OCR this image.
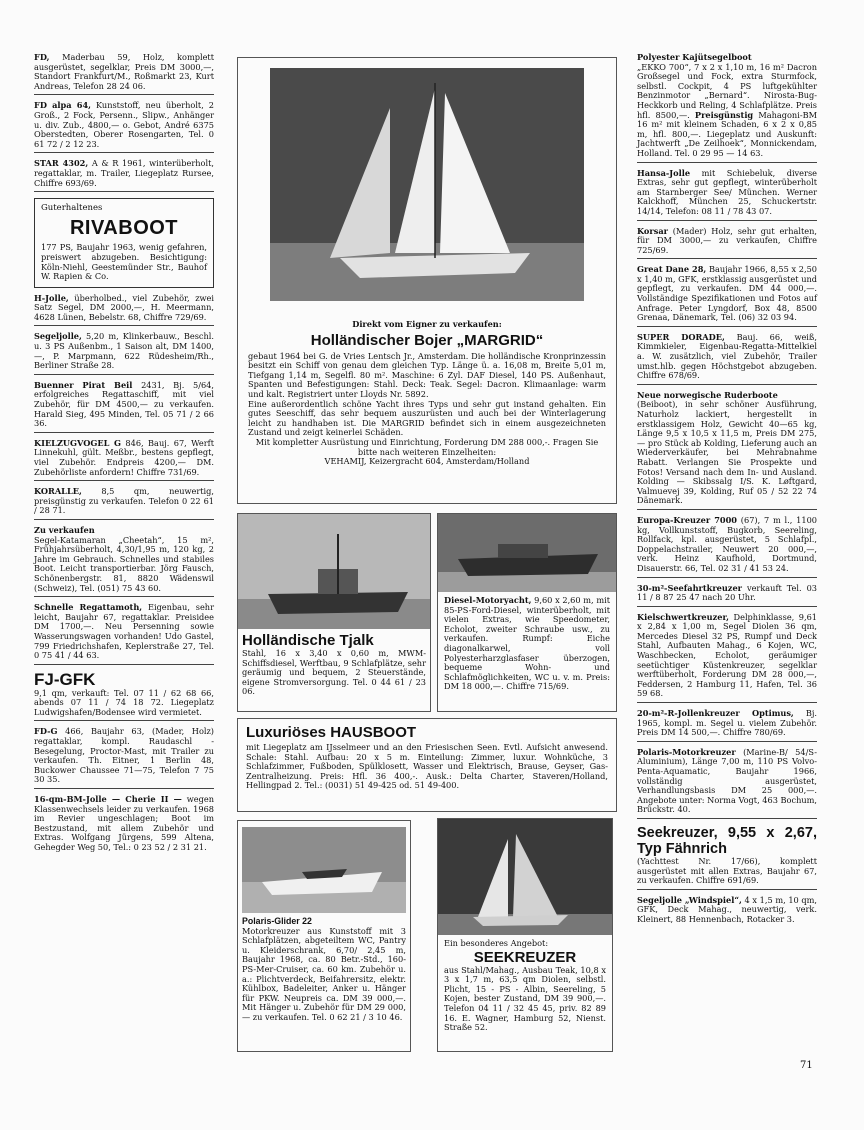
FD, Maderbau 59, Holz, komplett ausgerüstet, segelklar, Preis DM 3000,—, Standort Frankfurt/M., Roßmarkt 23, Kurt Andreas, Telefon 28 24 06.
FD alpa 64, Kunststoff, neu überholt, 2 Groß., 2 Fock, Persenn., Slipw., Anhänger u. div. Zub., 4800,— o. Gebot, André 6375 Oberstedten, Oberer Rosengarten, Tel. 0 61 72 / 2 12 23.
STAR 4302, A & R 1961, winterüberholt, regattaklar, m. Trailer, Liegeplatz Rursee, Chiffre 693/69.
Guterhaltenes
RIVABOOT
177 PS, Baujahr 1963, wenig gefahren, preiswert abzugeben. Besichtigung: Köln-Niehl, Geestemünder Str., Bauhof W. Rapien & Co.
H-Jolle, überholbed., viel Zubehör, zwei Satz Segel, DM 2000,—, H. Meermann, 4628 Lünen, Bebelstr. 68, Chiffre 729/69.
Segeljolle, 5,20 m, Klinkerbauw., Beschl. u. 3 PS Außenbm., 1 Saison alt, DM 1400,—, P. Marpmann, 622 Rüdesheim/Rh., Berliner Straße 28.
Buenner Pirat Beil 2431, Bj. 5/64, erfolgreiches Regattaschiff, mit viel Zubehör, für DM 4500,— zu verkaufen. Harald Sieg, 495 Minden, Tel. 05 71 / 2 66 36.
KIELZUGVOGEL G 846, Bauj. 67, Werft Linnekuhl, gült. Meßbr., bestens gepflegt, viel Zubehör. Endpreis 4200,— DM. Zubehörliste anfordern! Chiffre 731/69.
KORALLE, 8,5 qm, neuwertig, preisgünstig zu verkaufen. Telefon 0 22 61 / 28 71.
Zu verkaufen
Segel-Katamaran „Cheetah“, 15 m², Frühjahrsüberholt, 4,30/1,95 m, 120 kg, 2 Jahre im Gebrauch. Schnelles und stabiles Boot. Leicht transportierbar. Jörg Fausch, Schönenbergstr. 81, 8820 Wädenswil (Schweiz), Tel. (051) 75 43 60.
Schnelle Regattamoth, Eigenbau, sehr leicht, Baujahr 67, regattaklar. Preisidee DM 1700,—. Neu Persenning sowie Wasserungswagen vorhanden! Udo Gastel, 799 Friedrichshafen, Keplerstraße 27, Tel. 0 75 41 / 44 63.
FJ-GFK
9,1 qm, verkauft: Tel. 07 11 / 62 68 66, abends 07 11 / 74 18 72. Liegeplatz Ludwigshafen/Bodensee wird vermietet.
FD-G 466, Baujahr 63, (Mader, Holz) regattaklar, kompl. Raudaschl - Besegelung, Proctor-Mast, mit Trailer zu verkaufen. Th. Eitner, 1 Berlin 48, Buckower Chaussee 71—75, Telefon 7 75 30 35.
16-qm-BM-Jolle — Cherie II — wegen Klassenwechsels leider zu verkaufen. 1968 im Revier ungeschlagen; Boot im Bestzustand, mit allem Zubehör und Extras. Wolfgang Jürgens, 599 Altena, Gehegder Weg 50, Tel.: 0 23 52 / 2 31 21.
Direkt vom Eigner zu verkaufen:
Holländischer Bojer „MARGRID“
gebaut 1964 bei G. de Vries Lentsch Jr., Amsterdam. Die holländische Kronprinzessin besitzt ein Schiff von genau dem gleichen Typ. Länge ü. a. 16,08 m, Breite 5,01 m, Tiefgang 1,14 m, Segelfl. 80 m². Maschine: 6 Zyl. DAF Diesel, 140 PS. Außenhaut, Spanten und Befestigungen: Stahl. Deck: Teak. Segel: Dacron. Klimaanlage: warm und kalt. Registriert unter Lloyds Nr. 5892.
Eine außerordentlich schöne Yacht ihres Typs und sehr gut instand gehalten. Ein gutes Seeschiff, das sehr bequem auszurüsten und auch bei der Winterlagerung leicht zu handhaben ist. Die MARGRID befindet sich in einem ausgezeichneten Zustand und zeigt keinerlei Schäden.
Mit kompletter Ausrüstung und Einrichtung, Forderung DM 288 000,-. Fragen Sie bitte nach weiteren Einzelheiten:
VEHAMIJ, Keizergracht 604, Amsterdam/Holland
Holländische Tjalk
Stahl, 16 x 3,40 x 0,60 m, MWM-Schiffsdiesel, Werftbau, 9 Schlafplätze, sehr geräumig und bequem, 2 Steuerstände, eigene Stromversorgung. Tel. 0 44 61 / 23 06.
Diesel-Motoryacht, 9,60 x 2,60 m, mit 85-PS-Ford-Diesel, winterüberholt, mit vielen Extras, wie Speedometer, Echolot, zweiter Schraube usw., zu verkaufen. Rumpf: Eiche diagonalkarwel, voll Polyesterharzglasfaser überzogen, bequeme Wohn- und Schlafmöglichkeiten, WC u. v. m. Preis: DM 18 000,—. Chiffre 715/69.
Luxuriöses HAUSBOOT
mit Liegeplatz am IJsselmeer und an den Friesischen Seen. Evtl. Aufsicht anwesend. Schale: Stahl. Aufbau: 20 x 5 m. Einteilung: Zimmer, luxur. Wohnküche, 3 Schlafzimmer, Fußboden, Spülklosett, Wasser und Elektrisch, Brause, Geyser, Gas-Zentralheizung. Preis: Hfl. 36 400,-. Ausk.: Delta Charter, Staveren/Holland, Hellingpad 2. Tel.: (0031) 51 49-425 od. 51 49-400.
Polaris-Glider 22
Motorkreuzer aus Kunststoff mit 3 Schlafplätzen, abgeteiltem WC, Pantry u. Kleiderschrank, 6,70/ 2,45 m, Baujahr 1968, ca. 80 Betr.-Std., 160-PS-Mer-Cruiser, ca. 60 km. Zubehör u. a.: Plichtverdeck, Beifahrersitz, elektr. Kühlbox, Badeleiter, Anker u. Hänger für PKW. Neupreis ca. DM 39 000,—. Mit Hänger u. Zubehör für DM 29 000,— zu verkaufen. Tel. 0 62 21 / 3 10 46.
Ein besonderes Angebot:
SEEKREUZER
aus Stahl/Mahag., Ausbau Teak, 10,8 x 3 x 1,7 m, 63,5 qm Diolen, selbstl. Plicht, 15 - PS - Albin, Seereling, 5 Kojen, bester Zustand, DM 39 900,—. Telefon 04 11 / 32 45 45, priv. 82 89 16. E. Wagner, Hamburg 52, Nienst. Straße 52.
Polyester Kajütsegelboot
„EKKO 700“, 7 x 2 x 1,10 m, 16 m² Dacron Großsegel und Fock, extra Sturmfock, selbstl. Cockpit, 4 PS luftgekühlter Benzinmotor „Bernard“. Nirosta-Bug-Heckkorb und Reling, 4 Schlafplätze. Preis hfl. 8500,—. Preisgünstig Mahagoni-BM 16 m² mit kleinem Schaden, 6 x 2 x 0,85 m, hfl. 800,—. Liegeplatz und Auskunft: Jachtwerft „De Zeilhoek“, Monnickendam, Holland. Tel. 0 29 95 — 14 63.
Hansa-Jolle mit Schiebeluk, diverse Extras, sehr gut gepflegt, winterüberholt am Starnberger See/ München. Werner Kalckhoff, München 25, Schuckertstr. 14/14, Telefon: 08 11 / 78 43 07.
Korsar (Mader) Holz, sehr gut erhalten, für DM 3000,— zu verkaufen, Chiffre 725/69.
Great Dane 28, Baujahr 1966, 8,55 x 2,50 x 1,40 m, GFK, erstklassig ausgerüstet und gepflegt, zu verkaufen. DM 44 000,—. Vollständige Spezifikationen und Fotos auf Anfrage. Peter Lyngdorf, Box 48, 8500 Grenaa, Dänemark, Tel. (06) 32 03 94.
SUPER DORADE, Bauj. 66, weiß, Kimmkieler, Eigenbau-Regatta-Mittelkiel a. W. zusätzlich, viel Zubehör, Trailer umst.hlb. gegen Höchstgebot abzugeben. Chiffre 678/69.
Neue norwegische Ruderboote
(Beiboot), in sehr schöner Ausführung, Naturholz lackiert, hergestellt in erstklassigem Holz, Gewicht 40—65 kg, Länge 9,5 x 10,5 x 11,5 m, Preis DM 275,— pro Stück ab Kolding, Lieferung auch an Wiederverkäufer, bei Mehrabnahme Rabatt. Verlangen Sie Prospekte und Fotos! Versand nach dem In- und Ausland. Kolding — Skibssalg I/S. K. Løftgard, Valmuevej 39, Kolding, Ruf 05 / 52 22 74 Dänemark.
Europa-Kreuzer 7000 (67), 7 m l., 1100 kg, Vollkunststoff, Bugkorb, Seereling, Rollfack, kpl. ausgerüstet, 5 Schlafpl., Doppelachstrailer, Neuwert 20 000,—, verk. Heinz Kaufhold, Dortmund, Disauerstr. 66, Tel. 02 31 / 41 53 24.
30-m²-Seefahrtkreuzer verkauft Tel. 03 11 / 8 87 25 47 nach 20 Uhr.
Kielschwertkreuzer, Delphinklasse, 9,61 x 2,84 x 1,00 m, Segel Diolen 36 qm, Mercedes Diesel 32 PS, Rumpf und Deck Stahl, Aufbauten Mahag., 6 Kojen, WC, Waschbecken, Echolot, geräumiger seetüchtiger Küstenkreuzer, segelklar werftüberholt, Forderung DM 28 000,—, Feddersen, 2 Hamburg 11, Hafen, Tel. 36 59 68.
20-m²-R-Jollenkreuzer Optimus, Bj. 1965, kompl. m. Segel u. vielem Zubehör. Preis DM 14 500,—. Chiffre 780/69.
Polaris-Motorkreuzer (Marine-B/ 54/S-Aluminium), Länge 7,00 m, 110 PS Volvo-Penta-Aquamatic, Baujahr 1966, vollständig ausgerüstet, Verhandlungsbasis DM 25 000,—. Angebote unter: Norma Vogt, 463 Bochum, Brückstr. 40.
Seekreuzer, 9,55 x 2,67, Typ Fähnrich
(Yachttest Nr. 17/66), komplett ausgerüstet mit allen Extras, Baujahr 67, zu verkaufen. Chiffre 691/69.
Segeljolle „Windspiel“, 4 x 1,5 m, 10 qm, GFK, Deck Mahag., neuwertig, verk. Kleinert, 88 Hennenbach, Rotacker 3.
71
